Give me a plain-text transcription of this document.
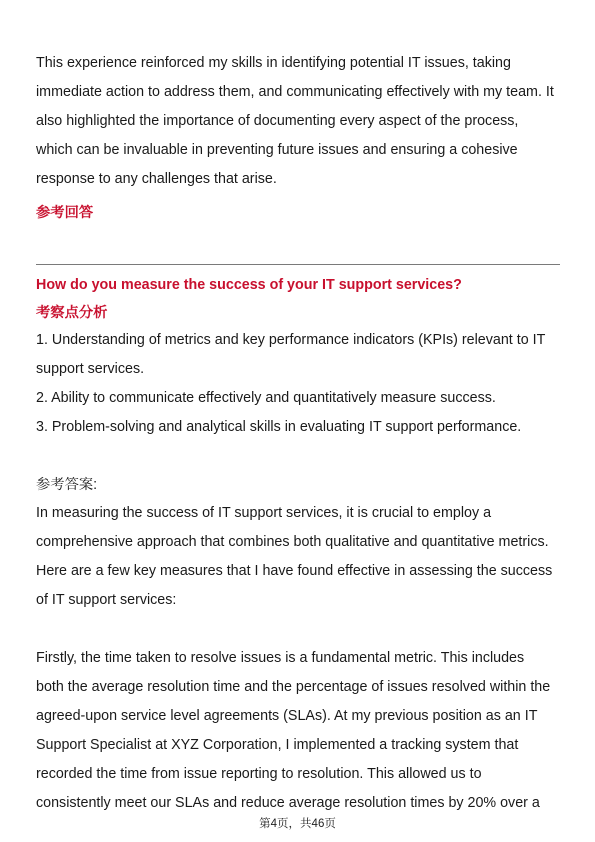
This experience reinforced my skills in identifying potential IT issues, taking
immediate action to address them, and communicating effectively with my team. It
also highlighted the importance of documenting every aspect of the process,
which can be invaluable in preventing future issues and ensuring a cohesive
response to any challenges that arise.
参考回答
How do you measure the success of your IT support services?
考察点分析
1. Understanding of metrics and key performance indicators (KPIs) relevant to IT
support services.
2. Ability to communicate effectively and quantitatively measure success.
3. Problem-solving and analytical skills in evaluating IT support performance.
参考答案:
In measuring the success of IT support services, it is crucial to employ a
comprehensive approach that combines both qualitative and quantitative metrics.
Here are a few key measures that I have found effective in assessing the success
of IT support services:
Firstly, the time taken to resolve issues is a fundamental metric. This includes
both the average resolution time and the percentage of issues resolved within the
agreed-upon service level agreements (SLAs). At my previous position as an IT
Support Specialist at XYZ Corporation, I implemented a tracking system that
recorded the time from issue reporting to resolution. This allowed us to
consistently meet our SLAs and reduce average resolution times by 20% over a
第4页，共46页
